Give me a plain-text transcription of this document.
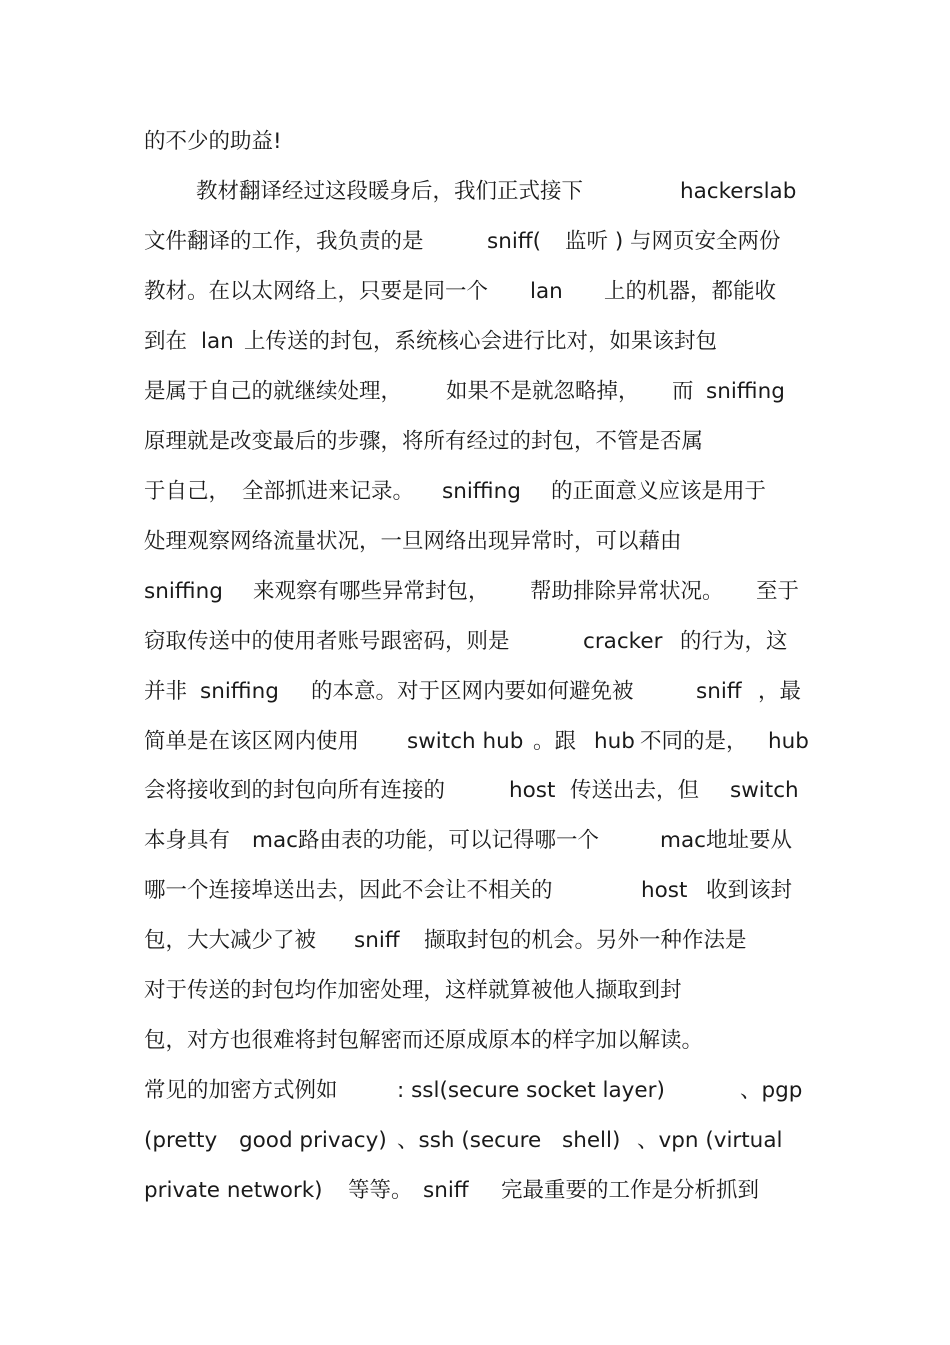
的不少的助益!
教材翻译经过这段暖身后，我们正式接下	hackerslab
文件翻译的工作，我负责的是	sniff( 监听 ) 与网页安全两份
教材。在以太网络上，只要是同一个 lan 上的机器，都能收
到在 lan 上传送的封包，系统核心会进行比对，如果该封包
是属于自己的就继续处理， 如果不是就忽略掉， 而 sniffing
原理就是改变最后的步骤，将所有经过的封包，不管是否属
于自己， 全部抓进来记录。 sniffing 的正面意义应该是用于
处理观察网络流量状况，一旦网络出现异常时，可以藉由
sniffing 来观察有哪些异常封包， 帮助排除异常状况。 至于
窃取传送中的使用者账号跟密码，则是	cracker 的行为，这
并非 sniffing 的本意。对于区网内要如何避免被	sniff ，最
简单是在该区网内使用 switch hub 。跟 hub 不同的是， hub
会将接收到的封包向所有连接的	host 传送出去，但 switch
本身具有 mac路由表的功能，可以记得哪一个	mac地址要从
哪一个连接埠送出去，因此不会让不相关的	host 收到该封
包，大大减少了被 sniff 撷取封包的机会。另外一种作法是
对于传送的封包均作加密处理，这样就算被他人撷取到封
包，对方也很难将封包解密而还原成原本的样字加以解读。
常见的加密方式例如	: ssl(secure socket layer)	、pgp
(pretty good privacy) 、ssh (secure shell) 、vpn (virtual
private network) 等等。 sniff 完最重要的工作是分析抓到
